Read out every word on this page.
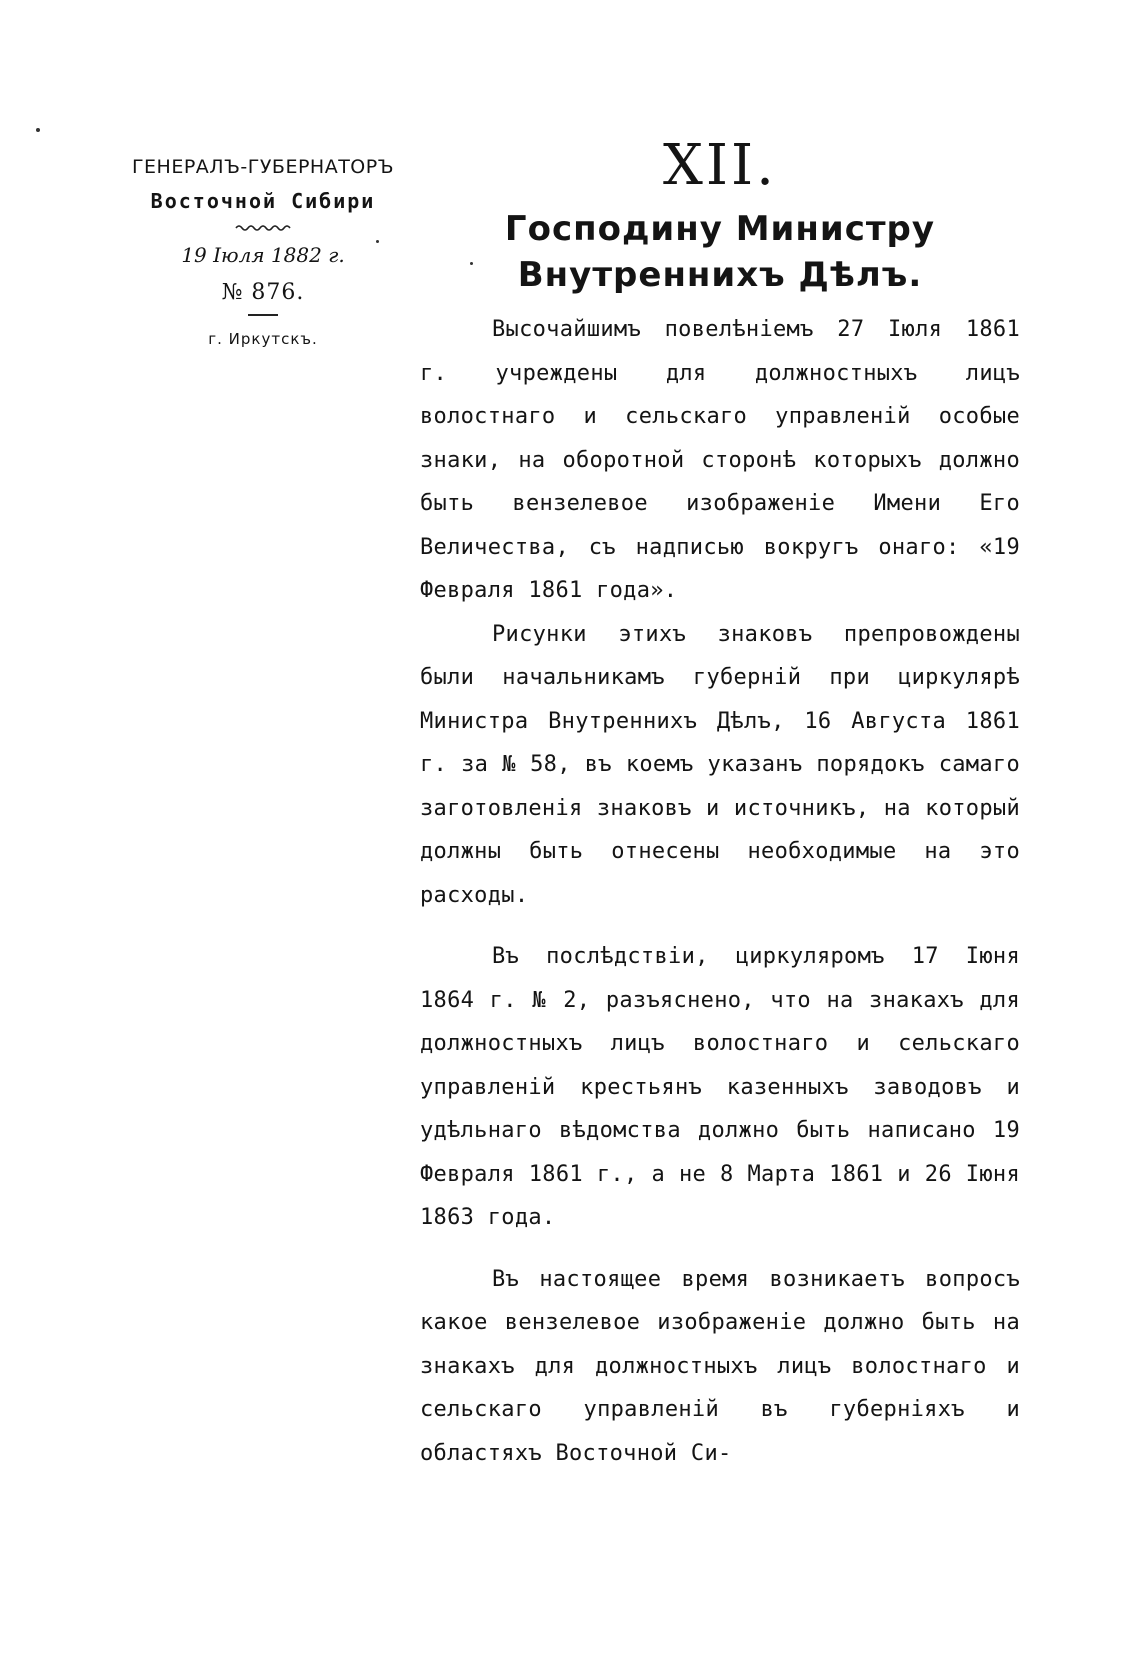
ГЕНЕРАЛЪ-ГУБЕРНАТОРЪ
Восточной Сибири
19 Іюля 1882 г.
№ 876.
г. Иркутскъ.
XII.
Господину Министру Внутреннихъ Дѣлъ.

Высочайшимъ повелѣніемъ 27 Іюля 1861 г. учреждены для должностныхъ лицъ волостнаго и сельскаго управленій особые знаки, на оборотной сторонѣ которыхъ должно быть вензелевое изображеніе Имени Его Величества, съ надписью вокругъ онаго: «19 Февраля 1861 года».

Рисунки этихъ знаковъ препровождены были начальникамъ губерній при циркулярѣ Министра Внутреннихъ Дѣлъ, 16 Августа 1861 г. за № 58, въ коемъ указанъ порядокъ самаго заготовленія знаковъ и источникъ, на который должны быть отнесены необходимые на это расходы.

Въ послѣдствіи, циркуляромъ 17 Іюня 1864 г. № 2, разъяснено, что на знакахъ для должностныхъ лицъ волостнаго и сельскаго управленій крестьянъ казенныхъ заводовъ и удѣльнаго вѣдомства должно быть написано 19 Февраля 1861 г., а не 8 Марта 1861 и 26 Іюня 1863 года.

Въ настоящее время возникаетъ вопросъ какое вензелевое изображеніе должно быть на знакахъ для должностныхъ лицъ волостнаго и сельскаго управленій въ губерніяхъ и областяхъ Восточной Си-
